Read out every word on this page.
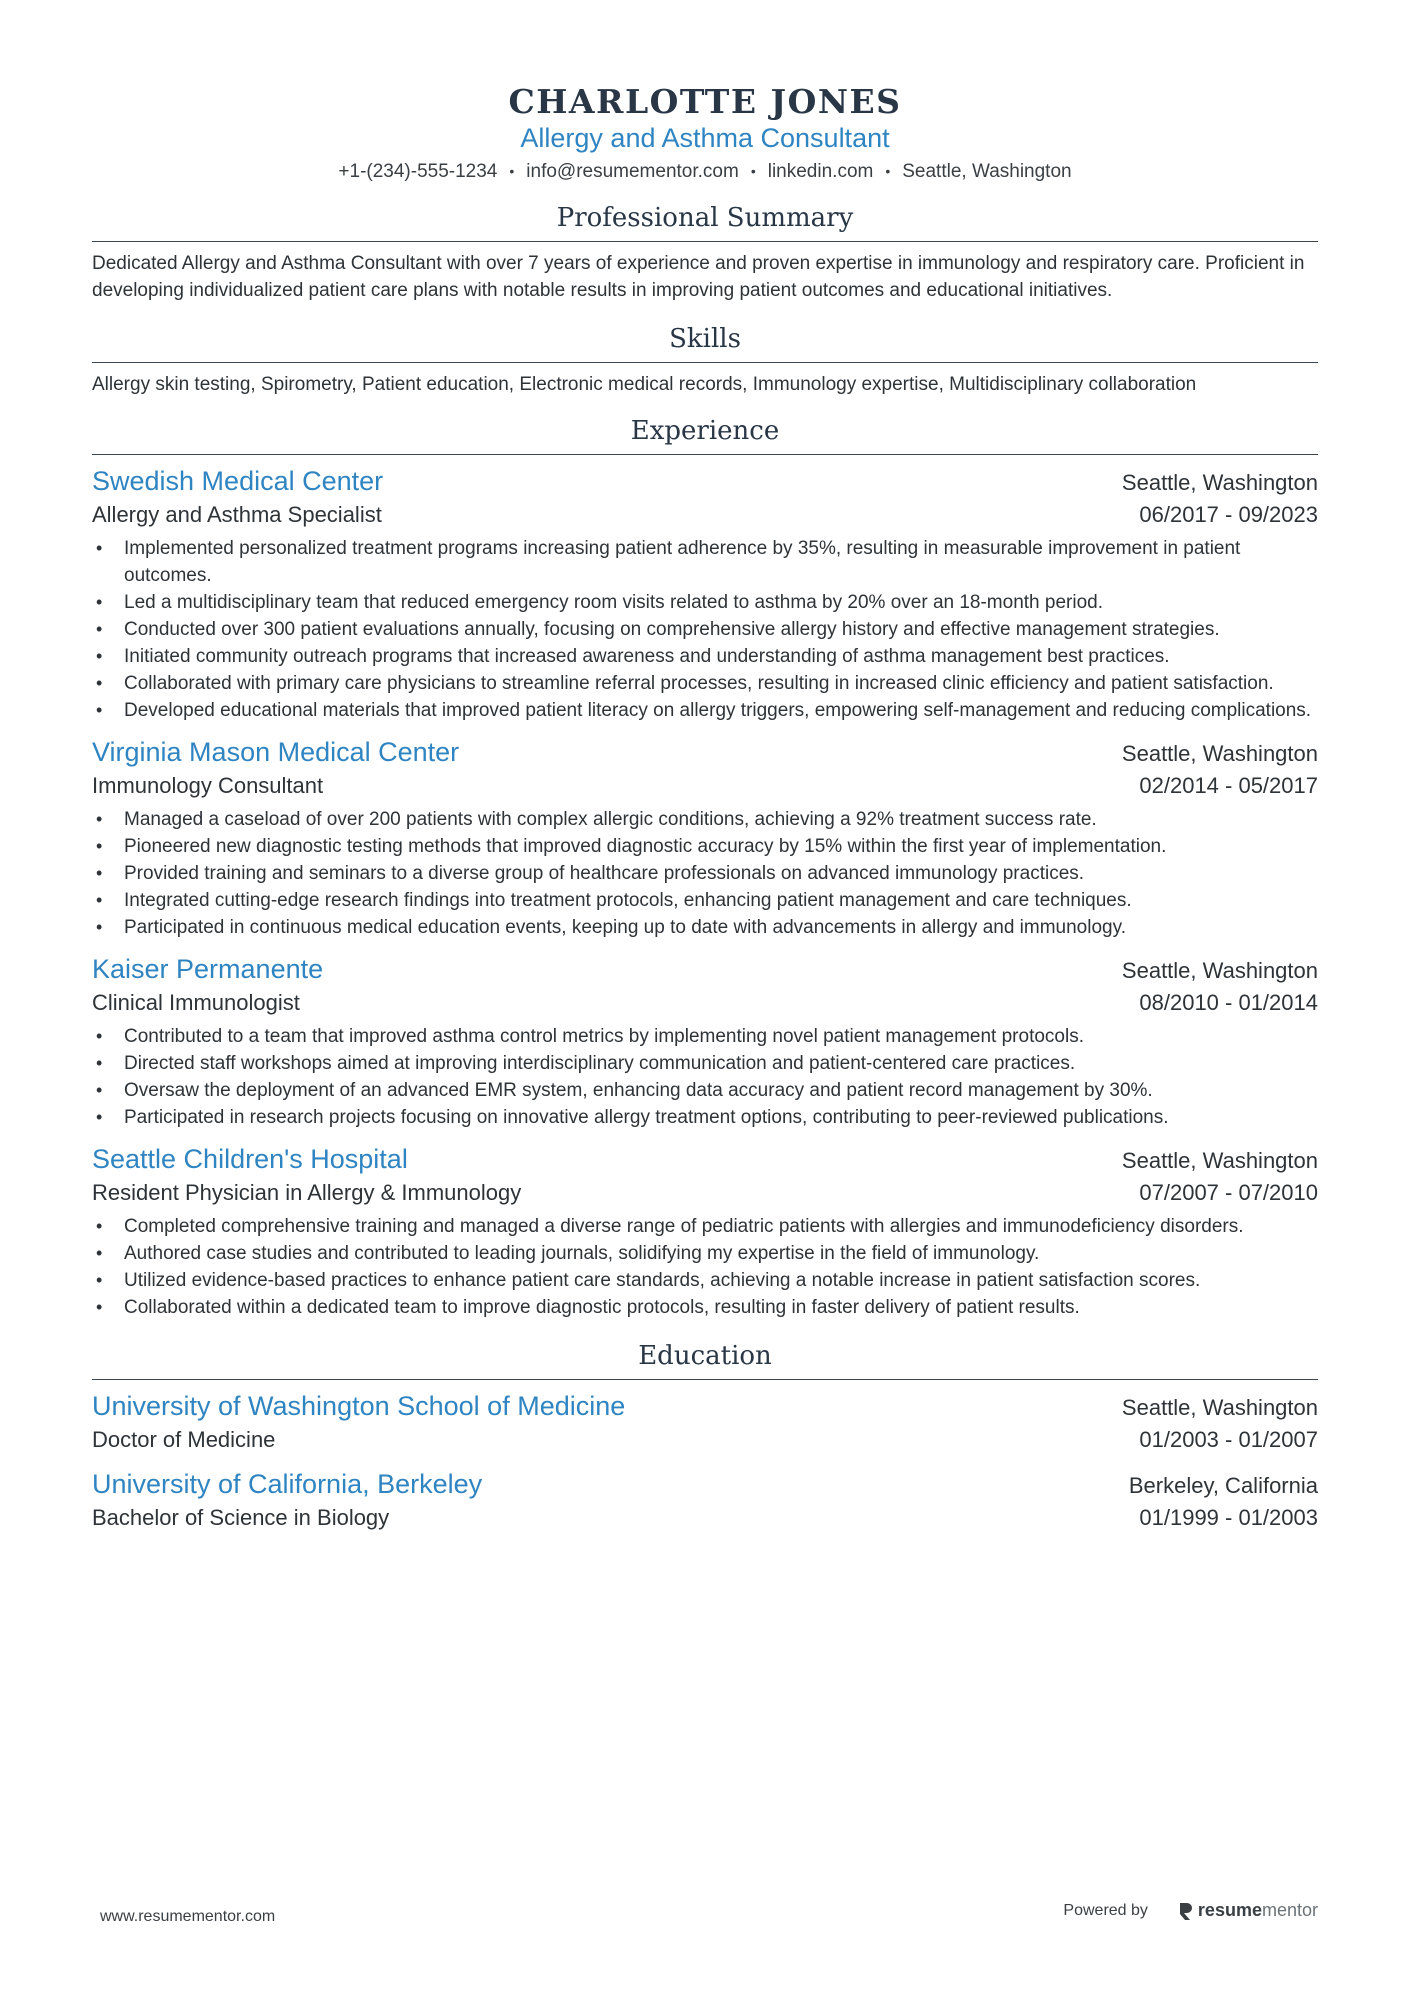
CHARLOTTE JONES
Allergy and Asthma Consultant
+1-(234)-555-1234 • info@resumementor.com • linkedin.com • Seattle, Washington
Professional Summary
Dedicated Allergy and Asthma Consultant with over 7 years of experience and proven expertise in immunology and respiratory care. Proficient in developing individualized patient care plans with notable results in improving patient outcomes and educational initiatives.
Skills
Allergy skin testing, Spirometry, Patient education, Electronic medical records, Immunology expertise, Multidisciplinary collaboration
Experience
Swedish Medical Center	Seattle, Washington
Allergy and Asthma Specialist	06/2017 - 09/2023
• Implemented personalized treatment programs increasing patient adherence by 35%, resulting in measurable improvement in patient outcomes.
• Led a multidisciplinary team that reduced emergency room visits related to asthma by 20% over an 18-month period.
• Conducted over 300 patient evaluations annually, focusing on comprehensive allergy history and effective management strategies.
• Initiated community outreach programs that increased awareness and understanding of asthma management best practices.
• Collaborated with primary care physicians to streamline referral processes, resulting in increased clinic efficiency and patient satisfaction.
• Developed educational materials that improved patient literacy on allergy triggers, empowering self-management and reducing complications.
Virginia Mason Medical Center	Seattle, Washington
Immunology Consultant	02/2014 - 05/2017
• Managed a caseload of over 200 patients with complex allergic conditions, achieving a 92% treatment success rate.
• Pioneered new diagnostic testing methods that improved diagnostic accuracy by 15% within the first year of implementation.
• Provided training and seminars to a diverse group of healthcare professionals on advanced immunology practices.
• Integrated cutting-edge research findings into treatment protocols, enhancing patient management and care techniques.
• Participated in continuous medical education events, keeping up to date with advancements in allergy and immunology.
Kaiser Permanente	Seattle, Washington
Clinical Immunologist	08/2010 - 01/2014
• Contributed to a team that improved asthma control metrics by implementing novel patient management protocols.
• Directed staff workshops aimed at improving interdisciplinary communication and patient-centered care practices.
• Oversaw the deployment of an advanced EMR system, enhancing data accuracy and patient record management by 30%.
• Participated in research projects focusing on innovative allergy treatment options, contributing to peer-reviewed publications.
Seattle Children's Hospital	Seattle, Washington
Resident Physician in Allergy & Immunology	07/2007 - 07/2010
• Completed comprehensive training and managed a diverse range of pediatric patients with allergies and immunodeficiency disorders.
• Authored case studies and contributed to leading journals, solidifying my expertise in the field of immunology.
• Utilized evidence-based practices to enhance patient care standards, achieving a notable increase in patient satisfaction scores.
• Collaborated within a dedicated team to improve diagnostic protocols, resulting in faster delivery of patient results.
Education
University of Washington School of Medicine	Seattle, Washington
Doctor of Medicine	01/2003 - 01/2007
University of California, Berkeley	Berkeley, California
Bachelor of Science in Biology	01/1999 - 01/2003
www.resumementor.com	Powered by	resume mentor
